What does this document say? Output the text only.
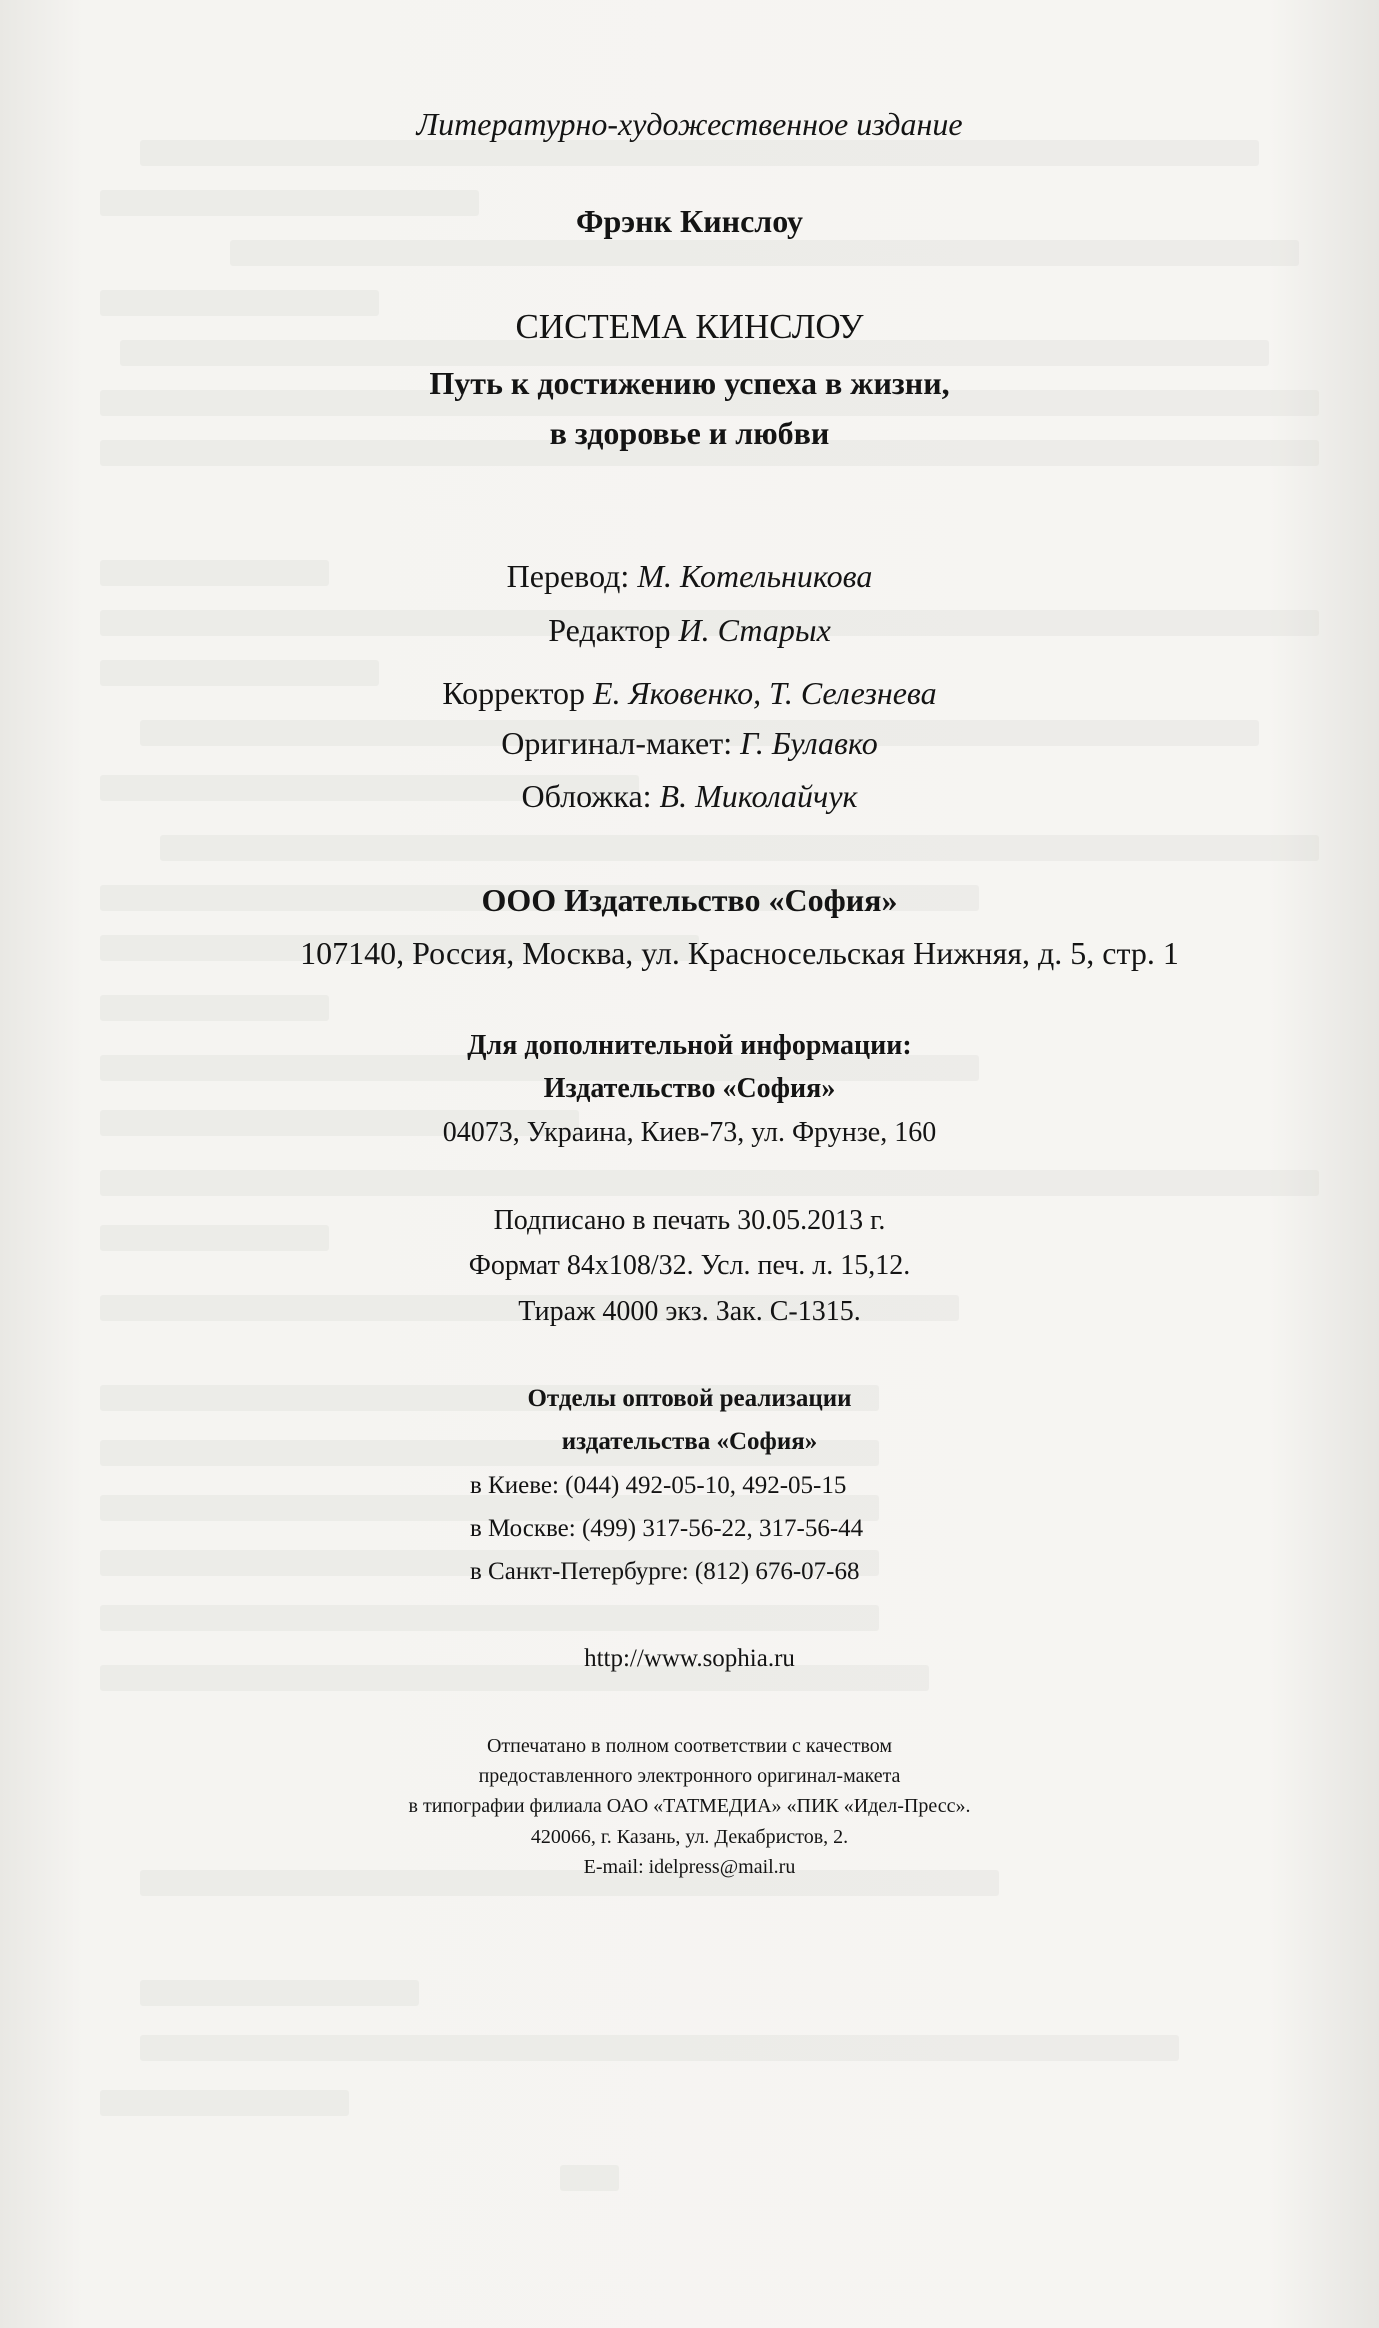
Литературно-художественное издание
Фрэнк Кинслоу
СИСТЕМА КИНСЛОУ
Путь к достижению успеха в жизни,
в здоровье и любви
Перевод: М. Котельникова
Редактор И. Старых
Корректор Е. Яковенко, Т. Селезнева
Оригинал-макет: Г. Булавко
Обложка: В. Миколайчук
ООО Издательство «София»
107140, Россия, Москва, ул. Красносельская Нижняя, д. 5, стр. 1
Для дополнительной информации:
Издательство «София»
04073, Украина, Киев-73, ул. Фрунзе, 160
Подписано в печать 30.05.2013 г.
Формат 84x108/32. Усл. печ. л. 15,12.
Тираж 4000 экз. Зак. С-1315.
Отделы оптовой реализации
издательства «София»
в Киеве: (044) 492-05-10, 492-05-15
в Москве: (499) 317-56-22, 317-56-44
в Санкт-Петербурге: (812) 676-07-68
http://www.sophia.ru
Отпечатано в полном соответствии с качеством
предоставленного электронного оригинал-макета
в типографии филиала ОАО «ТАТМЕДИА» «ПИК «Идел-Пресс».
420066, г. Казань, ул. Декабристов, 2.
E-mail: idelpress@mail.ru
